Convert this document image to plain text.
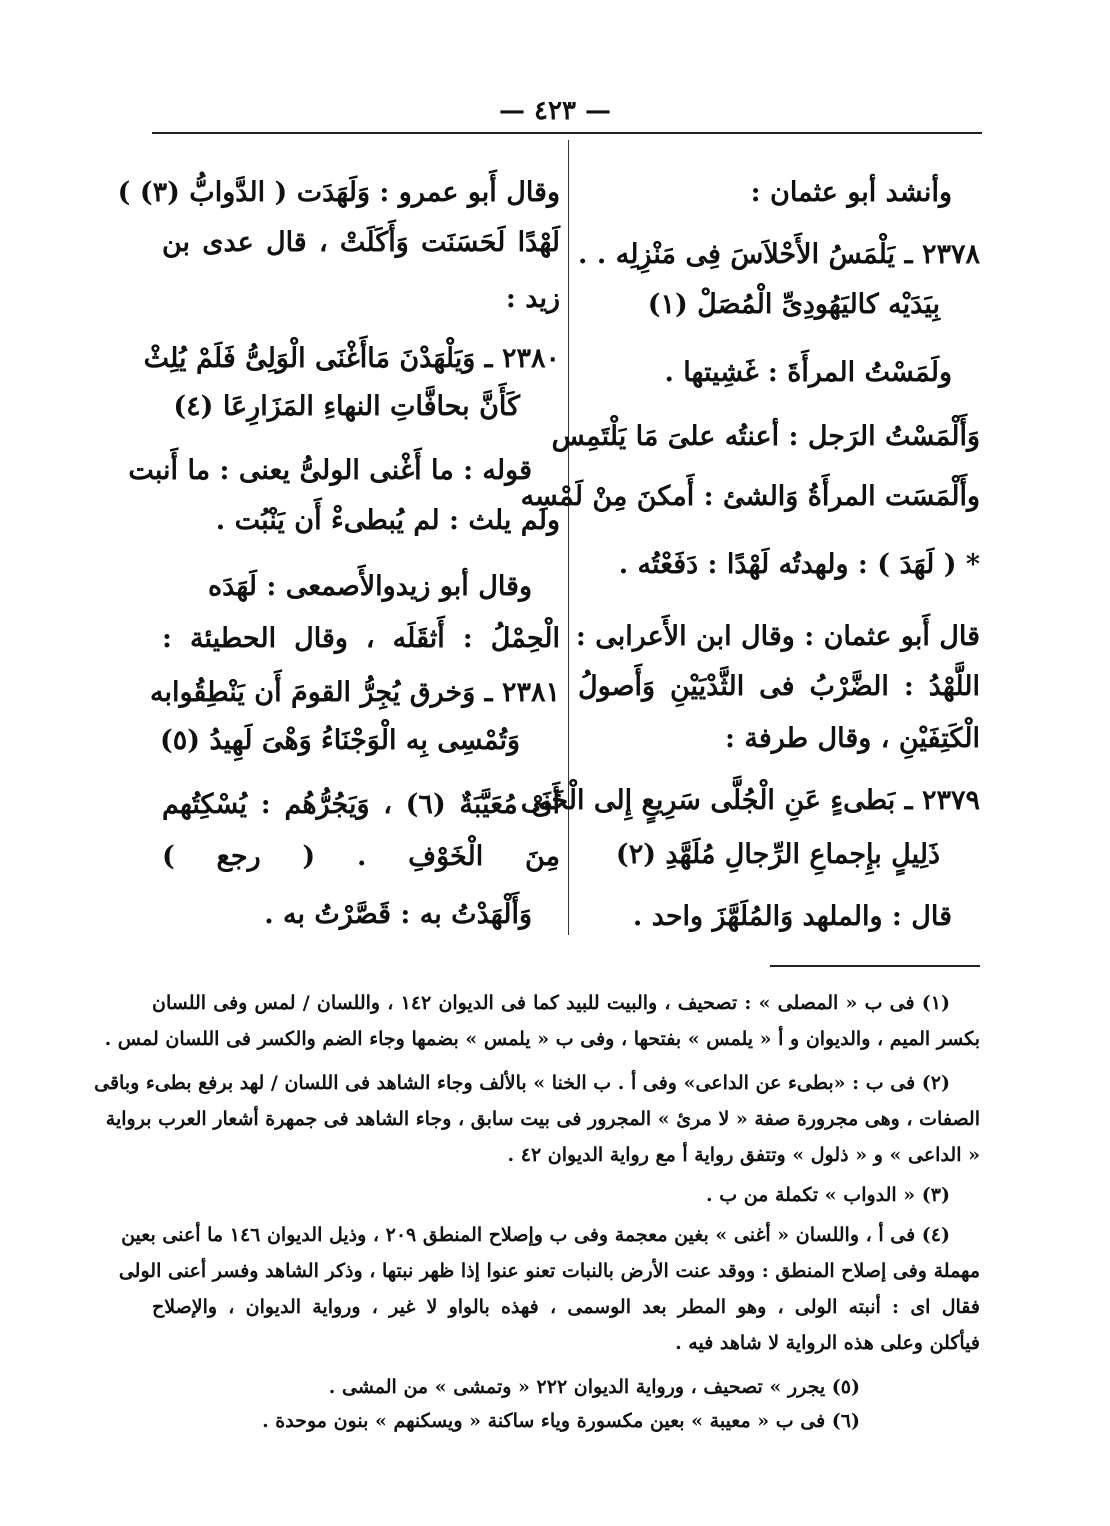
— ٤٢٣ —
وأنشد أبو عثمان :
٢٣٧٨ ـ يَلْمَسُ الأَحْلاَسَ فِى مَنْزِلِه . .
بِيَدَيْه كاليَهُودِىِّ الْمُصَلْ (١)
ولَمَسْتُ المرأَةَ : غَشِيتها .
وَأَلْمَسْتُ الرَجل : أعنتُه علىَ مَا يَلْتَمِس
وأَلْمَسَت المرأَةُ وَالشئ : أَمكنَ مِنْ لَمْسِه
* ( لَهَدَ ) : ولهدتُه لَهْدًا : دَفَعْتُه .
قال أَبو عثمان : وقال ابن الأَعرابى :
اللَّهْدُ : الضَّرْبُ فى الثَّدْيَيْنِ وَأَصولُ
الْكَتِفَيْنِ ، وقال طرفة :
٢٣٧٩ ـ بَطىءٍ عَنِ الْجُلَّى سَرِيعٍ إِلى الْخَنَى
ذَلِيلٍ بإِجماعِ الرِّجالِ مُلَهَّدِ (٢)
قال : والملهد وَالمُلَهَّزَ واحد .
وقال أَبو عمرو : وَلَهَدَت ( الدَّوابُّ (٣) )
لَهْدًا لَحَسَنَت وَأَكَلَتْ ، قال عدى بن
زيد :
٢٣٨٠ ـ وَيَلْهَدْنَ مَاأَغْنَى الْوَلِىُّ فَلَمْ يُلِثْ
كَأَنَّ بحافَّاتِ النهاءِ المَزَارِعَا (٤)
قوله : ما أَغْنى الولىُّ يعنى : ما أَنبت
ولم يلث : لم يُبطىءْ أَن يَنْبُت .
وقال أبو زيدوالأَصمعى : لَهَدَه
الْحِمْلُ : أَثقَلَه ، وقال الحطيئة :
٢٣٨١ ـ وَخرق يُجِرُّ القومَ أَن يَنْطِقُوابه
وَتُمْسِى بِه الْوَجْنَاءُ وَهْىَ لَهِيدُ (٥)
أَىْ مُعَيَّبَةٌ (٦) ، وَيَجُرُّهُم : يُسْكِتُهم
مِنَ الْخَوْفِ . ( رجع )
وَأَلْهَدْتُ به : قَصَّرْتُ به .
(١) فى ب « المصلى » : تصحيف ، والبيت للبيد كما فى الديوان ١٤٢ ، واللسان / لمس وفى اللسان
بكسر الميم ، والديوان و أ « يلمس » بفتحها ، وفى ب « يلمس » بضمها وجاء الضم والكسر فى اللسان لمس .
(٢) فى ب : «بطىء عن الداعى» وفى أ . ب الخنا » بالألف وجاء الشاهد فى اللسان / لهد برفع بطىء وباقى
الصفات ، وهى مجرورة صفة « لا مرئ » المجرور فى بيت سابق ، وجاء الشاهد فى جمهرة أشعار العرب برواية
« الداعى » و « ذلول » وتتفق رواية أ مع رواية الديوان ٤٢ .
(٣) « الدواب » تكملة من ب .
(٤) فى أ ، واللسان « أغنى » بغين معجمة وفى ب وإصلاح المنطق ٢٠٩ ، وذيل الديوان ١٤٦ ما أعنى بعين
مهملة وفى إصلاح المنطق : ووقد عنت الأرض بالنبات تعنو عنوا إذا ظهر نبتها ، وذكر الشاهد وفسر أعنى الولى
فقال اى : أنبته الولى ، وهو المطر بعد الوسمى ، فهذه بالواو لا غير ، ورواية الديوان ، والإصلاح
فيأكلن وعلى هذه الرواية لا شاهد فيه .
(٥) يجرر » تصحيف ، ورواية الديوان ٢٢٢ « وتمشى » من المشى .
(٦) فى ب « معيبة » بعين مكسورة وياء ساكنة « ويسكنهم » بنون موحدة .
